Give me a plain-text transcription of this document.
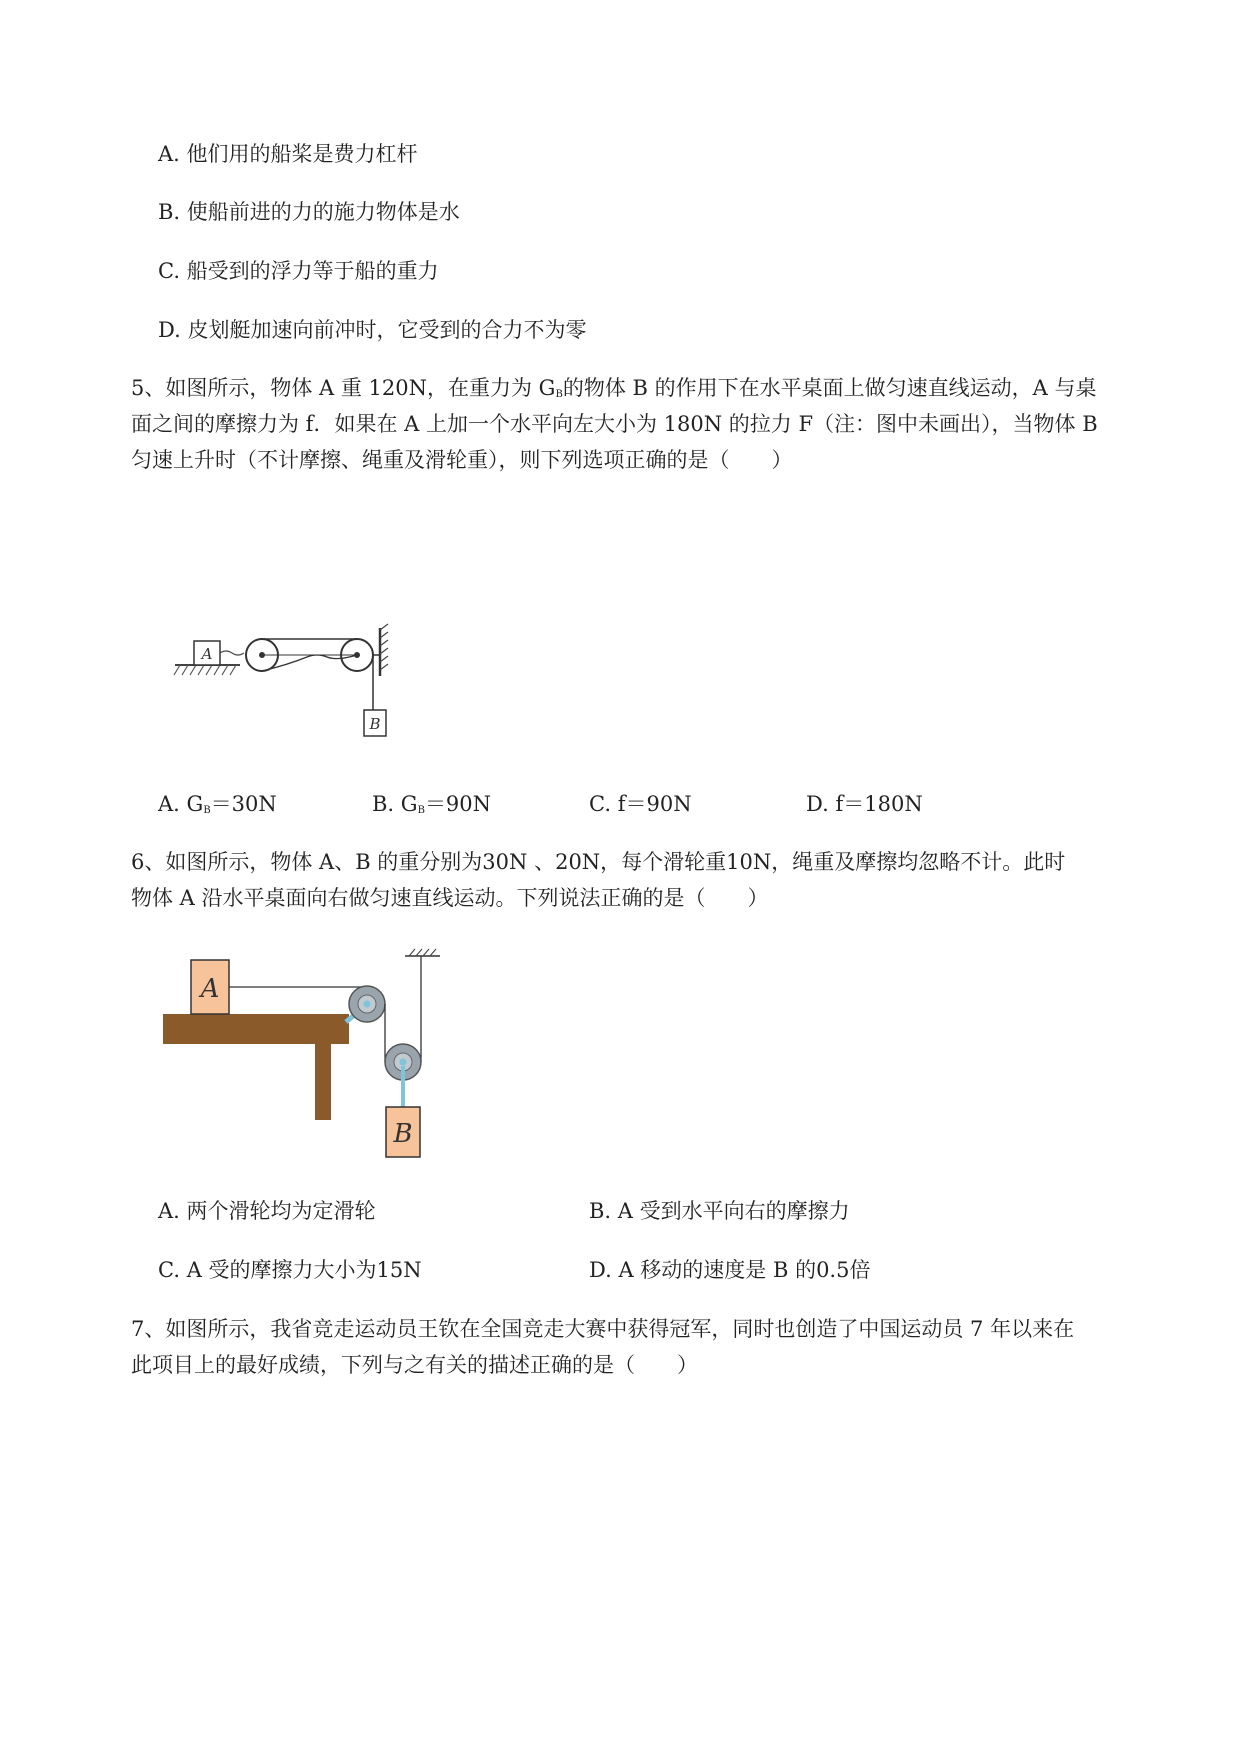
A. 他们用的船桨是费力杠杆
B. 使船前进的力的施力物体是水
C. 船受到的浮力等于船的重力
D. 皮划艇加速向前冲时，它受到的合力不为零
5、如图所示，物体 A 重 120N，在重力为 $G_B$的物体 B 的作用下在水平桌面上做匀速直线运动，A 与桌
面之间的摩擦力为 f．如果在 A 上加一个水平向左大小为 180N 的拉力 F（注：图中未画出），当物体 B
匀速上升时（不计摩擦、绳重及滑轮重），则下列选项正确的是（　　）
A
B
A. $G_B=30N$	B. $G_B=90N$	C. f＝90N	D. f＝180N
6、如图所示，物体 A、B 的重分别为30N 、20N，每个滑轮重10N，绳重及摩擦均忽略不计。此时
物体 A 沿水平桌面向右做匀速直线运动。下列说法正确的是（　　）
A
B
A. 两个滑轮均为定滑轮	B. A 受到水平向右的摩擦力
C. A 受的摩擦力大小为15N	D. A 移动的速度是 B 的0.5倍
7、如图所示，我省竞走运动员王钦在全国竞走大赛中获得冠军，同时也创造了中国运动员 7 年以来在
此项目上的最好成绩，下列与之有关的描述正确的是（　　）
